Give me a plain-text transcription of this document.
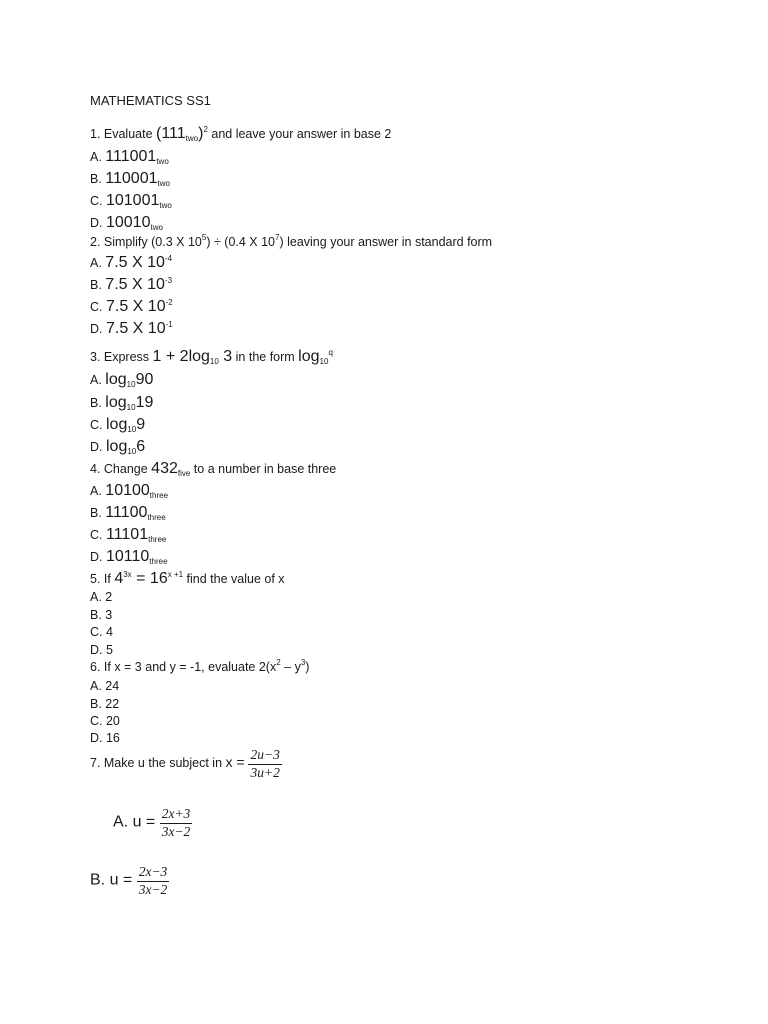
MATHEMATICS SS1
1. Evaluate $(111_{two})^2$ and leave your answer in base 2
A. $111001_{two}$
B. $110001_{two}$
C. $101001_{two}$
D. $10010_{two}$
2. Simplify (0.3 X $10^5) \div (0.4$ X $10^7$) leaving your answer in standard form
A. 7.5 X $10^{-4}$
B. 7.5 X $10^{-3}$
C. 7.5 X $10^{-2}$
D. 7.5 X $10^{-1}$
3. Express $1 + 2\log_{10}$ 3 in the form $\log_{10}^q$
A. $\log_{10}90$
B. $\log_{10}19$
C. $\log_{10}9$
D. $\log_{10}6$
4. Change $432_{five}$ to a number in base three
A. $10100_{three}$
B. $11100_{three}$
C. $11101_{three}$
D. $10110_{three}$
5. If $4^{3x} = 16^{x +1}$ find the value of x
A. 2
B. 3
C. 4
D. 5
6. If x = 3 and y = -1, evaluate $2(x^2 - y^3)$
A. 24
B. 22
C. 20
D. 16
7. Make u the subject in $x = \frac{2u-3}{3u+2}$
A. $u = \frac{2x+3}{3x-2}$
B. $u = \frac{2x-3}{3x-2}$
